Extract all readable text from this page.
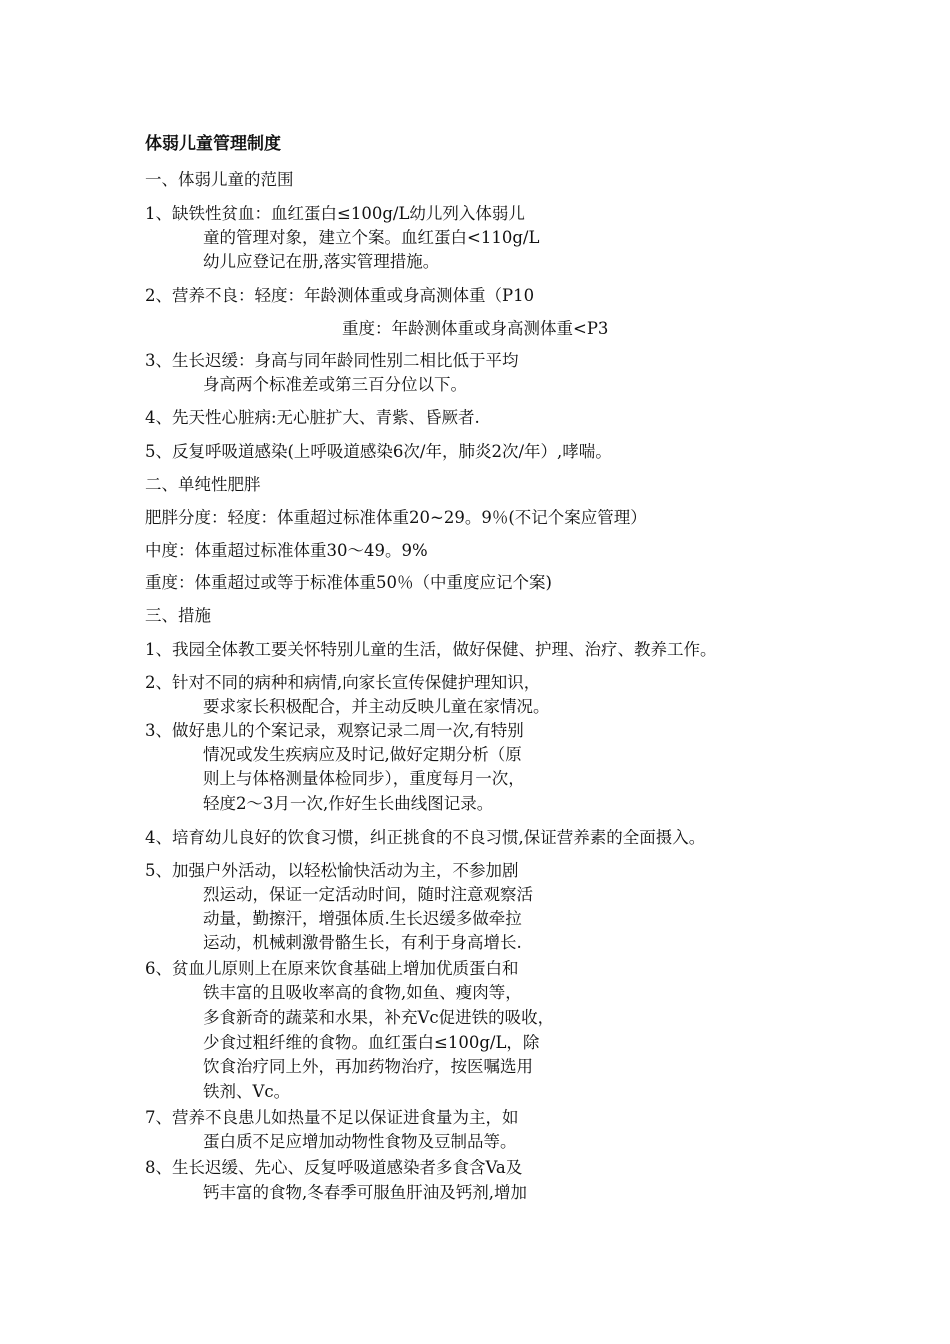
体弱儿童管理制度
一、体弱儿童的范围
1、缺铁性贫血：血红蛋白≤100g/L幼儿列入体弱儿
童的管理对象，建立个案。血红蛋白<110g/L
幼儿应登记在册,落实管理措施。
2、营养不良：轻度：年龄测体重或身高测体重（P10
重度：年龄测体重或身高测体重<P3
3、生长迟缓：身高与同年龄同性别二相比低于平均
身高两个标准差或第三百分位以下。
4、先天性心脏病:无心脏扩大、青紫、昏厥者.
5、反复呼吸道感染(上呼吸道感染6次/年，肺炎2次/年）,哮喘。
二、单纯性肥胖
肥胖分度：轻度：体重超过标准体重20~29。9％(不记个案应管理）
中度：体重超过标准体重30～49。9%
重度：体重超过或等于标准体重50％（中重度应记个案)
三、措施
1、我园全体教工要关怀特别儿童的生活，做好保健、护理、治疗、教养工作。
2、针对不同的病种和病情,向家长宣传保健护理知识，
要求家长积极配合，并主动反映儿童在家情况。
3、做好患儿的个案记录，观察记录二周一次,有特别
情况或发生疾病应及时记,做好定期分析（原
则上与体格测量体检同步），重度每月一次，
轻度2～3月一次,作好生长曲线图记录。
4、培育幼儿良好的饮食习惯，纠正挑食的不良习惯,保证营养素的全面摄入。
5、加强户外活动，以轻松愉快活动为主，不参加剧
烈运动，保证一定活动时间，随时注意观察活
动量，勤擦汗，增强体质.生长迟缓多做牵拉
运动，机械刺激骨骼生长，有利于身高增长.
6、贫血儿原则上在原来饮食基础上增加优质蛋白和
铁丰富的且吸收率高的食物,如鱼、瘦肉等，
多食新奇的蔬菜和水果，补充Vc促进铁的吸收，
少食过粗纤维的食物。血红蛋白≤100g/L，除
饮食治疗同上外，再加药物治疗，按医嘱选用
铁剂、Vc。
7、营养不良患儿如热量不足以保证进食量为主，如
蛋白质不足应增加动物性食物及豆制品等。
8、生长迟缓、先心、反复呼吸道感染者多食含Va及
钙丰富的食物,冬春季可服鱼肝油及钙剂,增加
